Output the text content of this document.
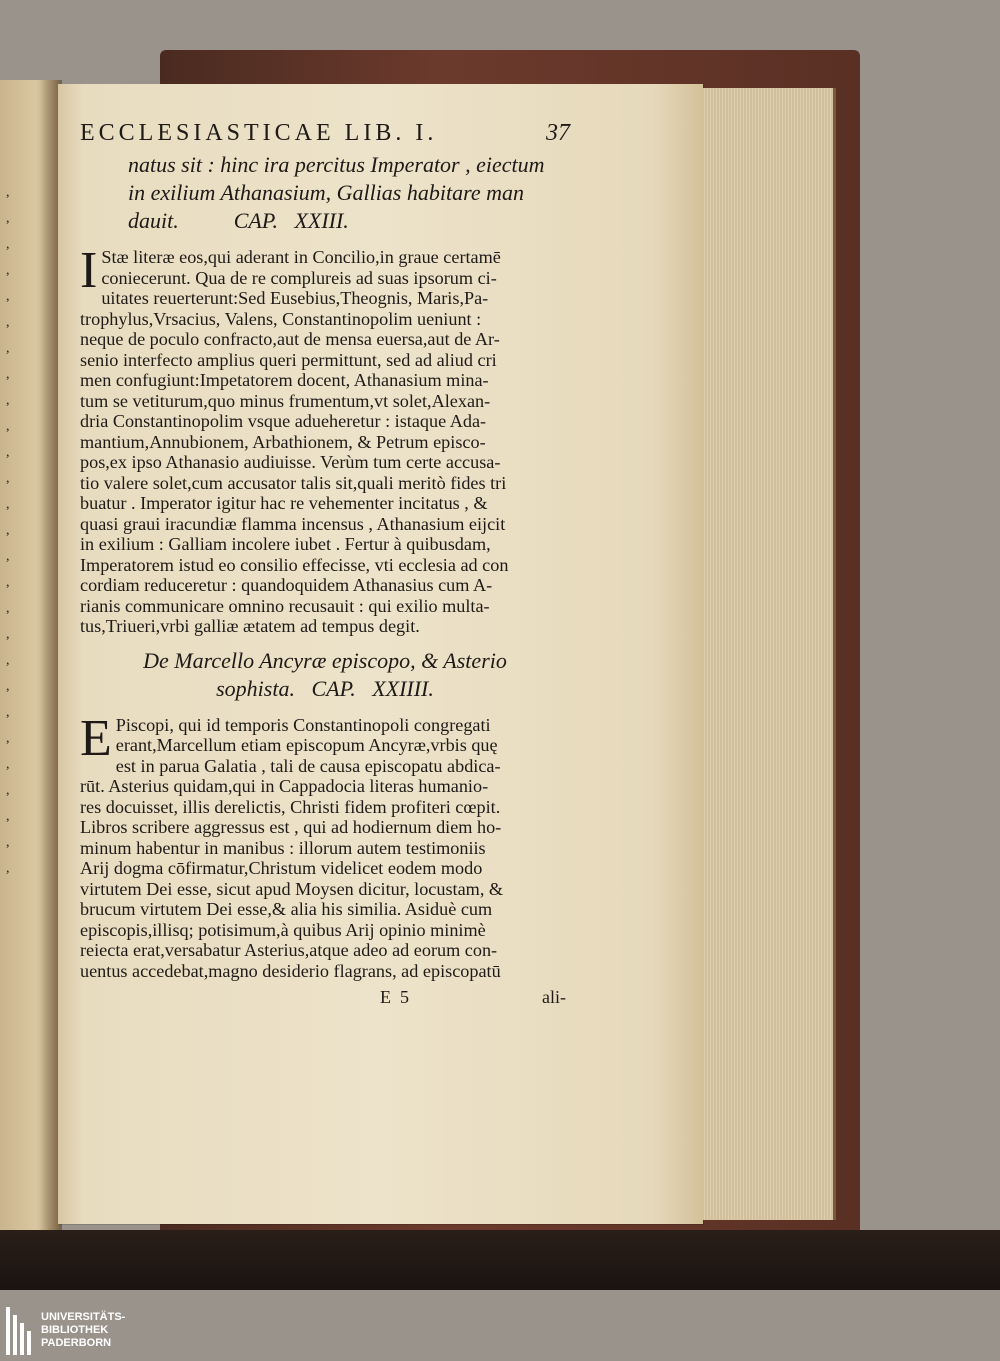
,
,
,
,
,
,
,
,
,
,
,
,
,
,
,
,
,
,
,
,
,
,
,
,
,
,
,
ECCLESIASTICAE LIB. I.	37
natus sit : hinc ira percitus Imperator , eiectum
in exilium Athanasium, Gallias habitare man
dauit.          CAP.   XXIII.
I Stæ literæ eos,qui aderant in Concilio,in graue certamē
coniecerunt. Qua de re complureis ad suas ipsorum ci-
uitates reuerterunt:Sed Eusebius,Theognis, Maris,Pa-
trophylus,Vrsacius, Valens, Constantinopolim ueniunt :
neque de poculo confracto,aut de mensa euersa,aut de Ar-
senio interfecto amplius queri permittunt, sed ad aliud cri
men confugiunt:Impetatorem docent, Athanasium mina-
tum se vetiturum,quo minus frumentum,vt solet,Alexan-
dria Constantinopolim vsque adueheretur : istaque Ada-
mantium,Annubionem, Arbathionem, & Petrum episco-
pos,ex ipso Athanasio audiuisse. Verùm tum certe accusa-
tio valere solet,cum accusator talis sit,quali meritò fides tri
buatur . Imperator igitur hac re vehementer incitatus , &
quasi graui iracundiæ flamma incensus , Athanasium eijcit
in exilium : Galliam incolere iubet . Fertur à quibusdam,
Imperatorem istud eo consilio effecisse, vti ecclesia ad con
cordiam reduceretur : quandoquidem Athanasius cum A-
rianis communicare omnino recusauit : qui exilio multa-
tus,Triueri,vrbi galliæ ætatem ad tempus degit.
De Marcello Ancyræ episcopo, & Asterio
sophista.   CAP.   XXIIII.
E Piscopi, qui id temporis Constantinopoli congregati
erant,Marcellum etiam episcopum Ancyræ,vrbis quę
est in parua Galatia , tali de causa episcopatu abdica-
rūt. Asterius quidam,qui in Cappadocia literas humanio-
res docuisset, illis derelictis, Christi fidem profiteri cœpit.
Libros scribere aggressus est , qui ad hodiernum diem ho-
minum habentur in manibus : illorum autem testimoniis
Arij dogma cōfirmatur,Christum videlicet eodem modo
virtutem Dei esse, sicut apud Moysen dicitur, locustam, &
brucum virtutem Dei esse,& alia his similia. Asiduè cum
episcopis,illisq; potisimum,à quibus Arij opinio minimè
reiecta erat,versabatur Asterius,atque adeo ad eorum con-
uentus accedebat,magno desiderio flagrans, ad episcopatū
E  5	ali-
UNIVERSITÄTS-
BIBLIOTHEK
PADERBORN
